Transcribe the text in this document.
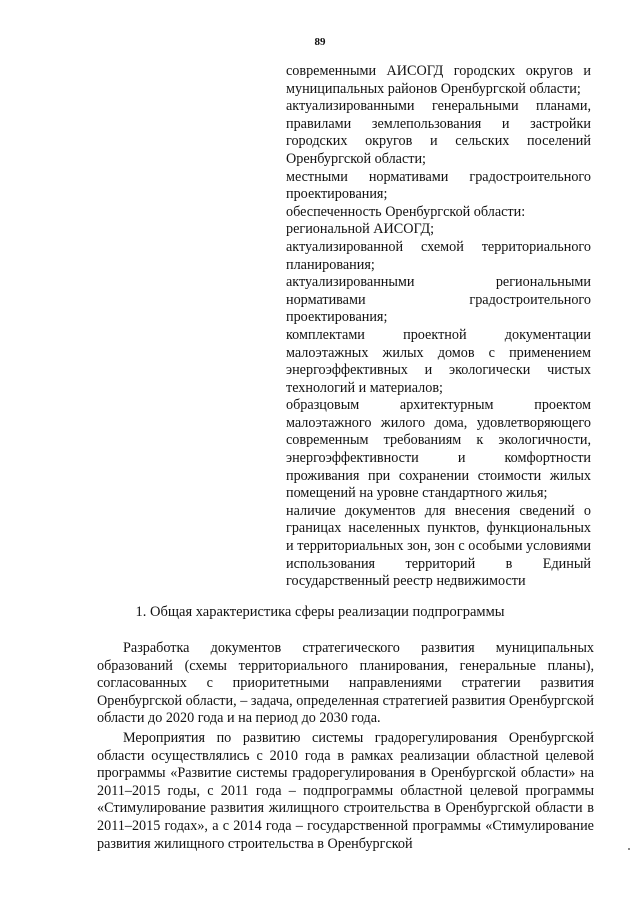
89

современными АИСОГД городских округов и муниципальных районов Оренбургской области;

актуализированными генеральными планами, правилами землепользования и застройки городских округов и сельских поселений Оренбургской области;

местными нормативами градостроительного проектирования;

обеспеченность Оренбургской области:

региональной АИСОГД;

актуализированной схемой территориального планирования;

актуализированными региональными нормативами градостроительного проектирования;

комплектами проектной документации малоэтажных жилых домов с применением энергоэффективных и экологически чистых технологий и материалов;

образцовым архитектурным проектом малоэтажного жилого дома, удовлетворяющего современным требованиям к экологичности, энергоэффективности и комфортности проживания при сохранении стоимости жилых помещений на уровне стандартного жилья;

наличие документов для внесения сведений о границах населенных пунктов, функциональных и территориальных зон, зон с особыми условиями использования территорий в Единый государственный реестр недвижимости

1. Общая характеристика сферы реализации подпрограммы

Разработка документов стратегического развития муниципальных образований (схемы территориального планирования, генеральные планы), согласованных с приоритетными направлениями стратегии развития Оренбургской области, – задача, определенная стратегией развития Оренбургской области до 2020 года и на период до 2030 года.

Мероприятия по развитию системы градорегулирования Оренбургской области осуществлялись с 2010 года в рамках реализации областной целевой программы «Развитие системы градорегулирования в Оренбургской области» на 2011–2015 годы, с 2011 года – подпрограммы областной целевой программы «Стимулирование развития жилищного строительства в Оренбургской области в 2011–2015 годах», а с 2014 года – государственной программы «Стимулирование развития жилищного строительства в Оренбургской
